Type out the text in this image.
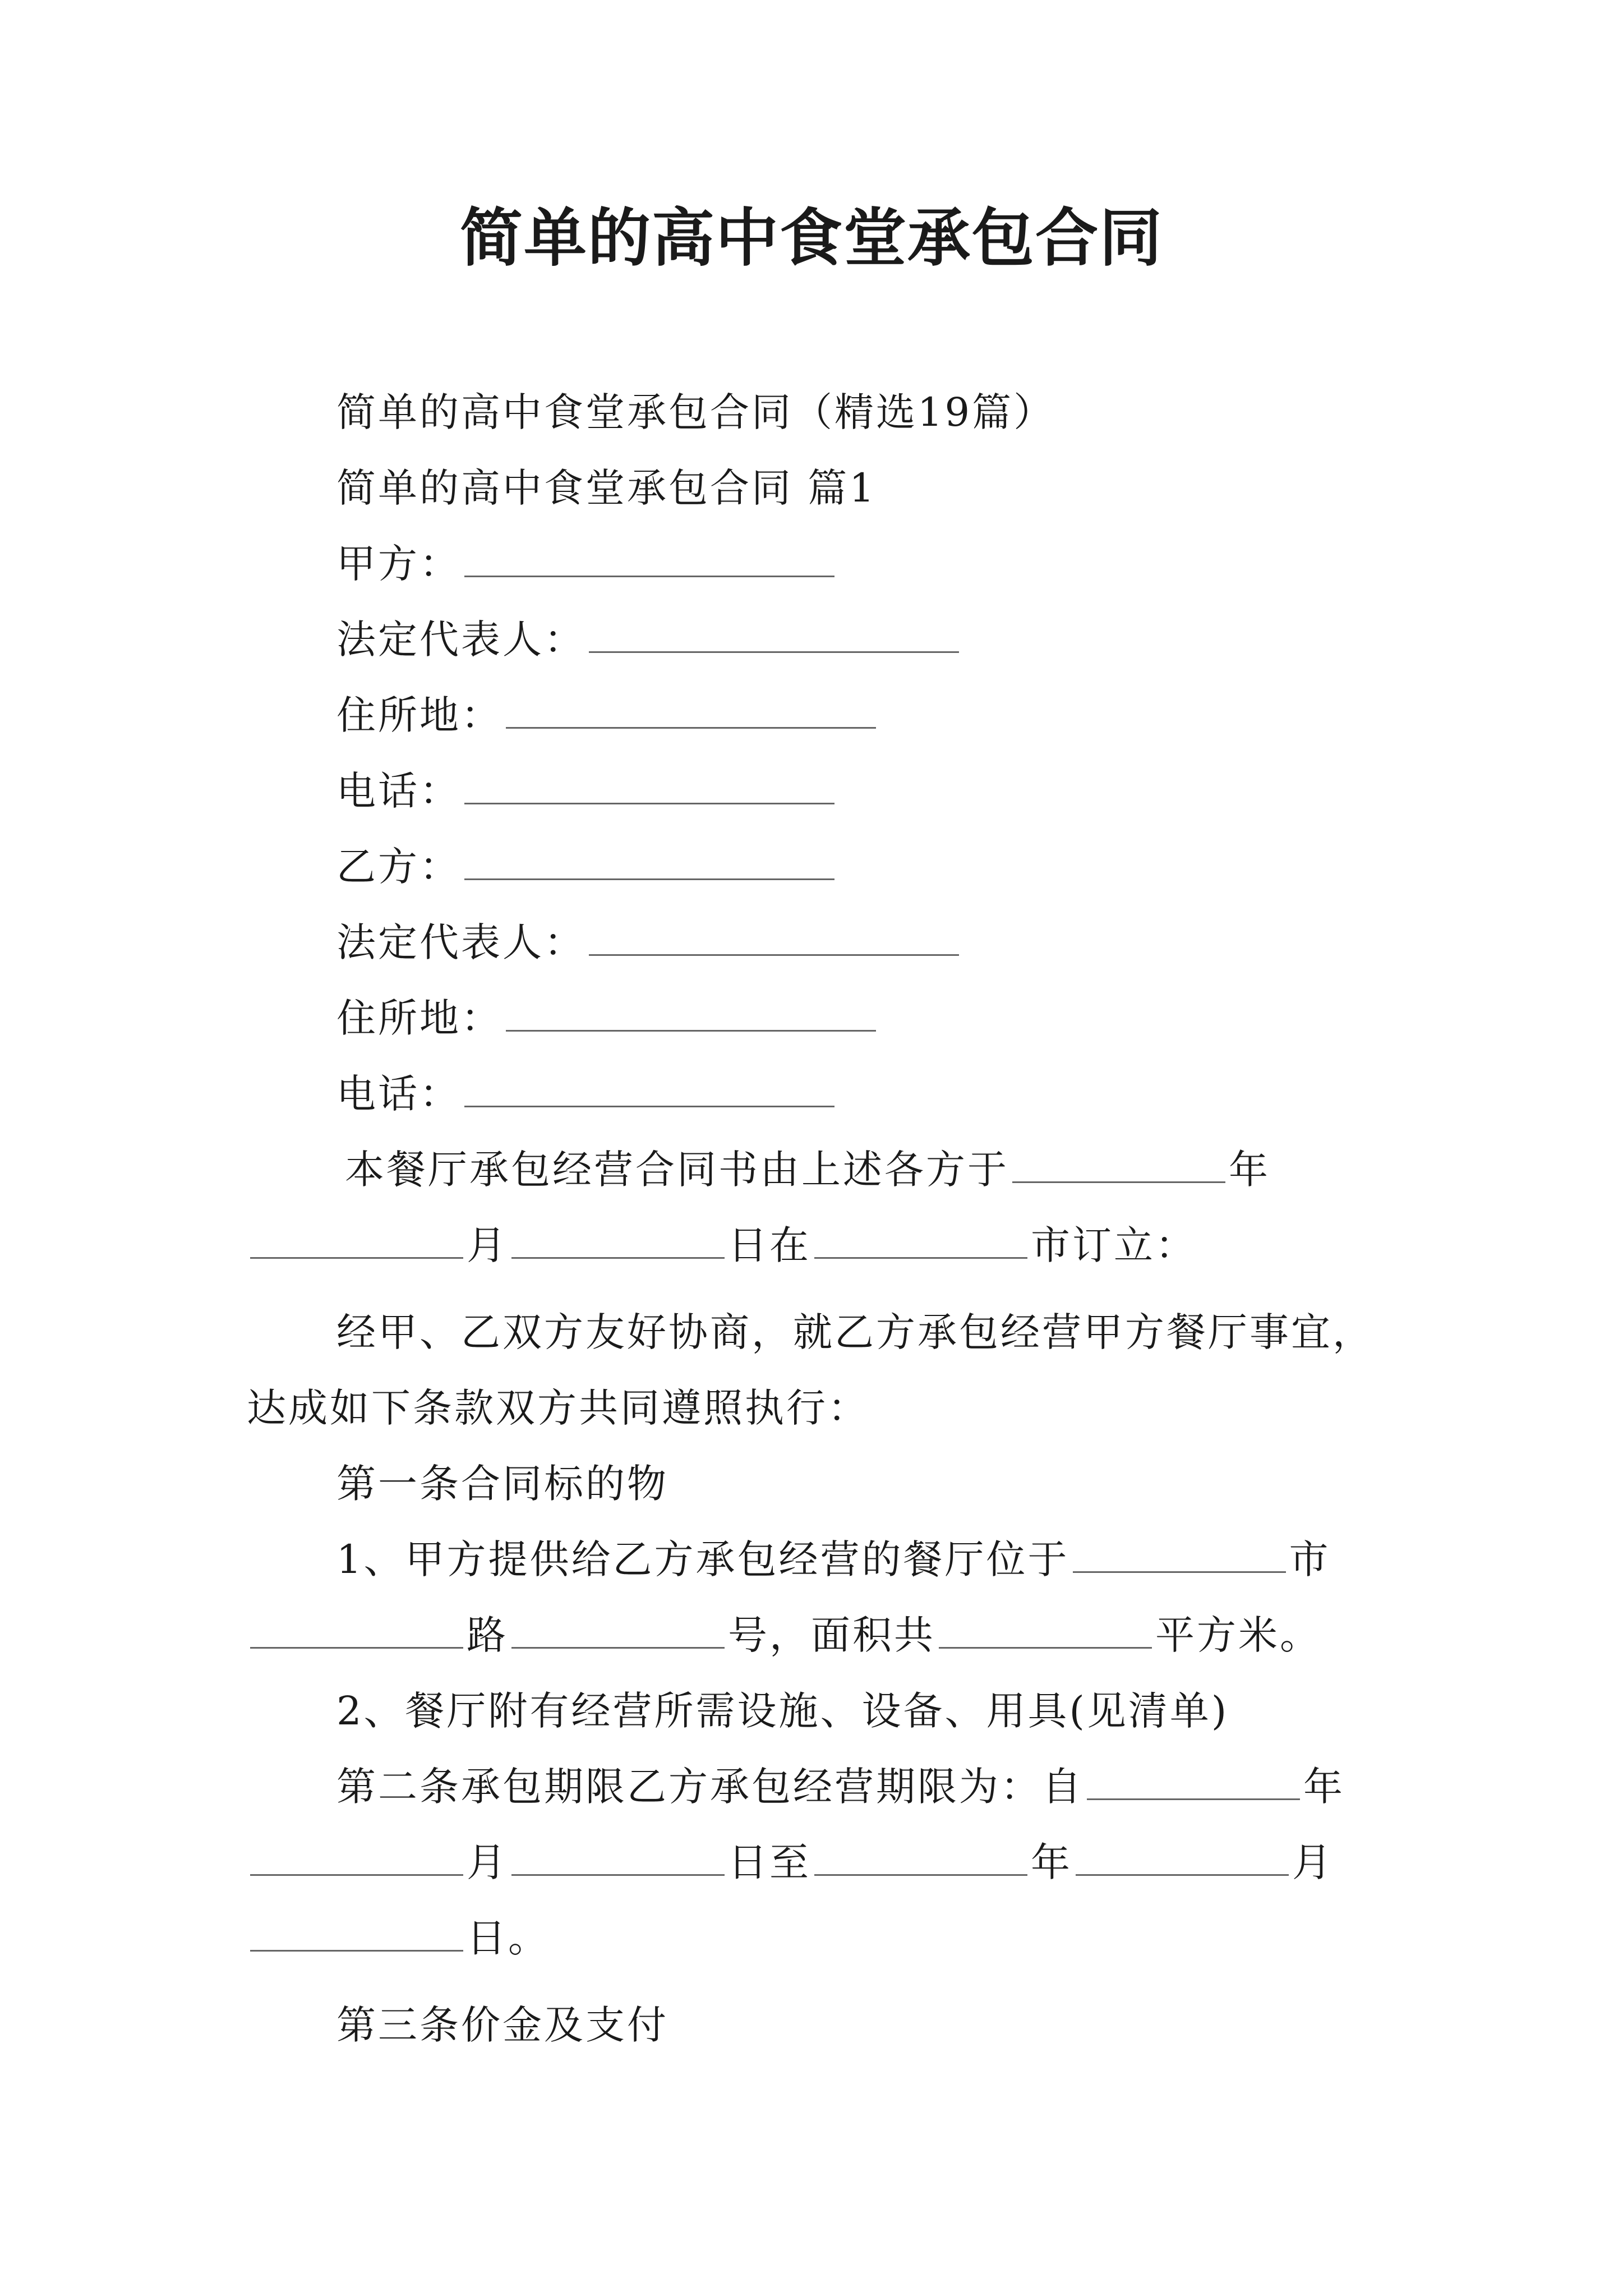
简单的高中食堂承包合同
简单的高中食堂承包合同（精选19篇）
简单的高中食堂承包合同 篇1
甲方：
法定代表人：
住所地：
电话：
乙方：
法定代表人：
住所地：
电话：
本餐厅承包经营合同书由上述各方于	年
月	日在	市订立：
经甲、乙双方友好协商，就乙方承包经营甲方餐厅事宜，
达成如下条款双方共同遵照执行：
第一条合同标的物
1、甲方提供给乙方承包经营的餐厅位于	市
路	号，面积共	平方米。
2、餐厅附有经营所需设施、设备、用具(见清单)
第二条承包期限乙方承包经营期限为：自	年
月	日至	年	月
日。
第三条价金及支付
